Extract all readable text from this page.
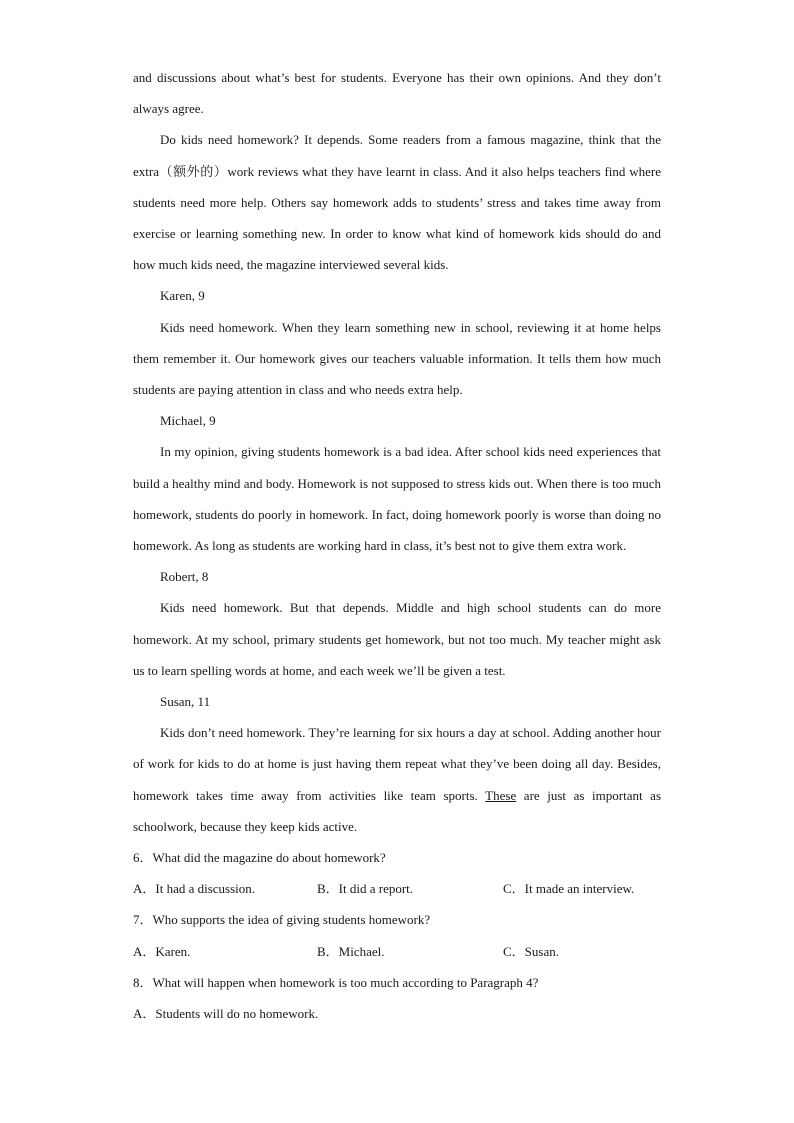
and discussions about what’s best for students. Everyone has their own opinions. And they don’t always agree.

Do kids need homework? It depends. Some readers from a famous magazine, think that the extra（额外的）work reviews what they have learnt in class. And it also helps teachers find where students need more help. Others say homework adds to students’ stress and takes time away from exercise or learning something new. In order to know what kind of homework kids should do and how much kids need, the magazine interviewed several kids.

Karen, 9

Kids need homework. When they learn something new in school, reviewing it at home helps them remember it. Our homework gives our teachers valuable information. It tells them how much students are paying attention in class and who needs extra help.

Michael, 9

In my opinion, giving students homework is a bad idea. After school kids need experiences that build a healthy mind and body. Homework is not supposed to stress kids out. When there is too much homework, students do poorly in homework. In fact, doing homework poorly is worse than doing no homework. As long as students are working hard in class, it’s best not to give them extra work.

Robert, 8

Kids need homework. But that depends. Middle and high school students can do more homework. At my school, primary students get homework, but not too much. My teacher might ask us to learn spelling words at home, and each week we’ll be given a test.

Susan, 11

Kids don’t need homework. They’re learning for six hours a day at school. Adding another hour of work for kids to do at home is just having them repeat what they’ve been doing all day. Besides, homework takes time away from activities like team sports. These are just as important as schoolwork, because they keep kids active.

6．What did the magazine do about homework?

A．It had a discussion.	B．It did a report.	C．It made an interview.

7．Who supports the idea of giving students homework?

A．Karen.	B．Michael.	C．Susan.

8．What will happen when homework is too much according to Paragraph 4?

A．Students will do no homework.
